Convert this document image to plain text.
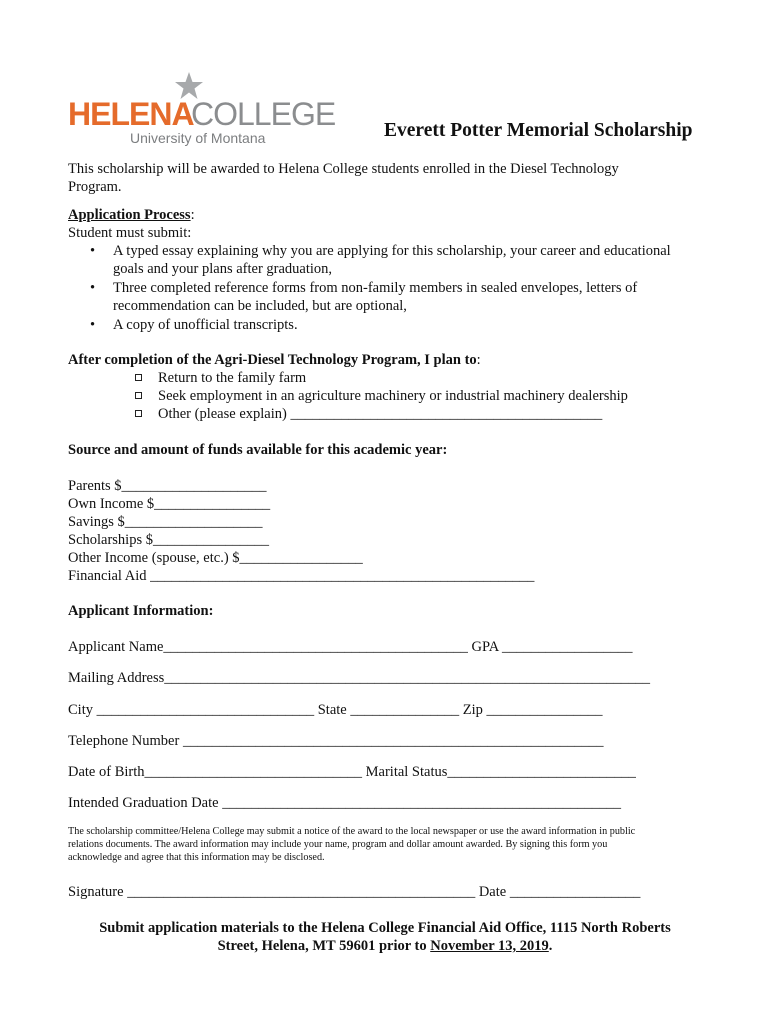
HELENA
COLLEGE
University of Montana	Everett Potter Memorial Scholarship
This scholarship will be awarded to Helena College students enrolled in the Diesel Technology
Program.
Application Process:
Student must submit:
• A typed essay explaining why you are applying for this scholarship, your career and educational
goals and your plans after graduation,
• Three completed reference forms from non-family members in sealed envelopes, letters of
recommendation can be included, but are optional,
• A copy of unofficial transcripts.
After completion of the Agri-Diesel Technology Program, I plan to:
Return to the family farm
Seek employment in an agriculture machinery or industrial machinery dealership
Other (please explain) ___________________________________________
Source and amount of funds available for this academic year:
Parents $____________________
Own Income $________________
Savings $___________________
Scholarships $________________
Other Income (spouse, etc.) $_________________
Financial Aid _____________________________________________________
Applicant Information:
Applicant Name__________________________________________ GPA __________________
Mailing Address___________________________________________________________________
City ______________________________ State _______________ Zip ________________
Telephone Number __________________________________________________________
Date of Birth______________________________ Marital Status__________________________
Intended Graduation Date _______________________________________________________
The scholarship committee/Helena College may submit a notice of the award to the local newspaper or use the award information in public
relations documents. The award information may include your name, program and dollar amount awarded. By signing this form you
acknowledge and agree that this information may be disclosed.
Signature ________________________________________________ Date __________________
Submit application materials to the Helena College Financial Aid Office, 1115 North Roberts
Street, Helena, MT 59601 prior to November 13, 2019.
